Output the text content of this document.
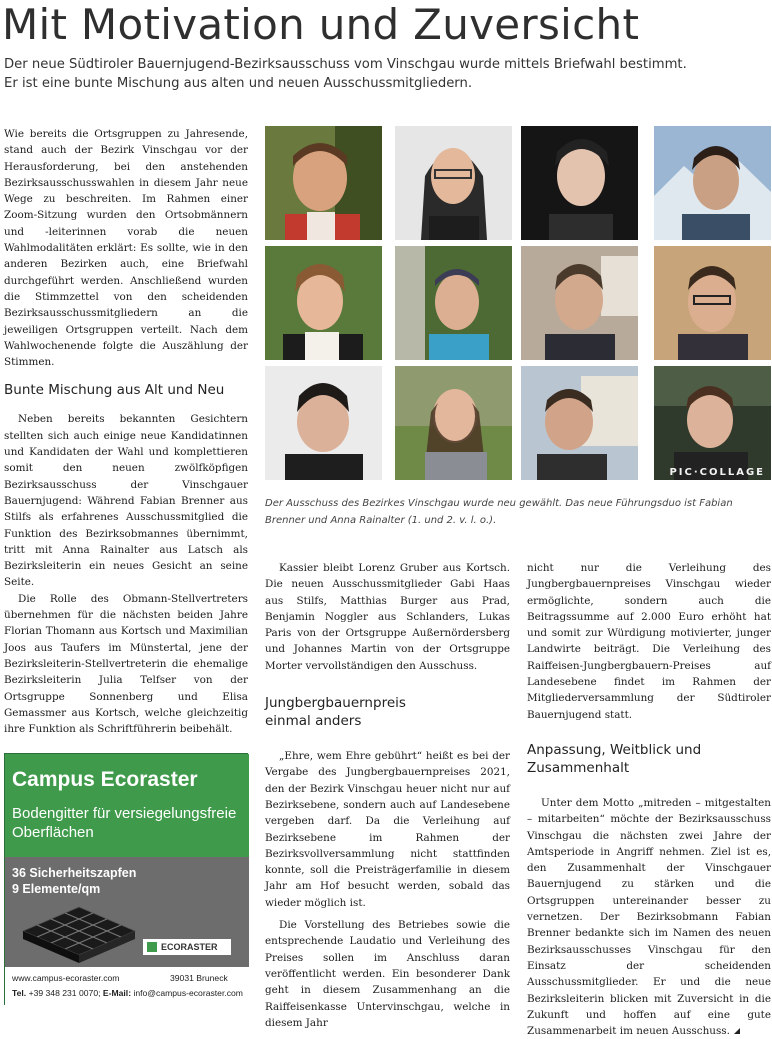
Mit Motivation und Zuversicht
Der neue Südtiroler Bauernjugend-Bezirksausschuss vom Vinschgau wurde mittels Briefwahl bestimmt.
Er ist eine bunte Mischung aus alten und neuen Ausschussmitgliedern.

Wie bereits die Ortsgruppen zu Jahresende, stand auch der Bezirk Vinschgau vor der Herausforderung, bei den anstehenden Bezirksausschusswahlen in diesem Jahr neue Wege zu beschreiten. Im Rahmen einer Zoom-Sitzung wurden den Ortsobmännern und -leiterinnen vorab die neuen Wahlmodalitäten erklärt: Es sollte, wie in den anderen Bezirken auch, eine Briefwahl durchgeführt werden. Anschließend wurden die Stimmzettel von den scheidenden Bezirksausschussmitgliedern an die jeweiligen Ortsgruppen verteilt. Nach dem Wahlwochenende folgte die Auszählung der Stimmen.

Bunte Mischung aus Alt und Neu

Neben bereits bekannten Gesichtern stellten sich auch einige neue Kandidatinnen und Kandidaten der Wahl und komplettieren somit den neuen zwölfköpfigen Bezirksausschuss der Vinschgauer Bauernjugend: Während Fabian Brenner aus Stilfs als erfahrenes Ausschussmitglied die Funktion des Bezirksobmannes übernimmt, tritt mit Anna Rainalter aus Latsch als Bezirksleiterin ein neues Gesicht an seine Seite.

Die Rolle des Obmann-Stellvertreters übernehmen für die nächsten beiden Jahre Florian Thomann aus Kortsch und Maximilian Joos aus Taufers im Münstertal, jene der Bezirksleiterin-Stellvertreterin die ehemalige Bezirksleiterin Julia Telfser von der Ortsgruppe Sonnenberg und Elisa Gemassmer aus Kortsch, welche gleichzeitig ihre Funktion als Schriftführerin beibehält.

PIC·COLLAGE
Der Ausschuss des Bezirkes Vinschgau wurde neu gewählt. Das neue Führungsduo ist Fabian Brenner und Anna Rainalter (1. und 2. v. l. o.).

Kassier bleibt Lorenz Gruber aus Kortsch. Die neuen Ausschussmitglieder Gabi Haas aus Stilfs, Matthias Burger aus Prad, Benjamin Noggler aus Schlanders, Lukas Paris von der Ortsgruppe Außernördersberg und Johannes Martin von der Ortsgruppe Morter vervollständigen den Ausschuss.

Jungbergbauernpreis einmal anders

„Ehre, wem Ehre gebührt“ heißt es bei der Vergabe des Jungbergbauernpreises 2021, den der Bezirk Vinschgau heuer nicht nur auf Bezirksebene, sondern auch auf Landesebene vergeben darf. Da die Verleihung auf Bezirksebene im Rahmen der Bezirksvollversammlung nicht stattfinden konnte, soll die Preisträgerfamilie in diesem Jahr am Hof besucht werden, sobald das wieder möglich ist.

Die Vorstellung des Betriebes sowie die entsprechende Laudatio und Verleihung des Preises sollen im Anschluss daran veröffentlicht werden. Ein besonderer Dank geht in diesem Zusammenhang an die Raiffeisenkasse Untervinschgau, welche in diesem Jahr

nicht nur die Verleihung des Jungbergbauernpreises Vinschgau wieder ermöglichte, sondern auch die Beitragssumme auf 2.000 Euro erhöht hat und somit zur Würdigung motivierter, junger Landwirte beiträgt. Die Verleihung des Raiffeisen-Jungbergbauern-Preises auf Landesebene findet im Rahmen der Mitgliederversammlung der Südtiroler Bauernjugend statt.

Anpassung, Weitblick und Zusammenhalt

Unter dem Motto „mitreden – mitgestalten – mitarbeiten“ möchte der Bezirksausschuss Vinschgau die nächsten zwei Jahre der Amtsperiode in Angriff nehmen. Ziel ist es, den Zusammenhalt der Vinschgauer Bauernjugend zu stärken und die Ortsgruppen untereinander besser zu vernetzen. Der Bezirksobmann Fabian Brenner bedankte sich im Namen des neuen Bezirksausschusses Vinschgau für den Einsatz der scheidenden Ausschussmitglieder. Er und die neue Bezirksleiterin blicken mit Zuversicht in die Zukunft und hoffen auf eine gute Zusammenarbeit im neuen Ausschuss.

Campus Ecoraster
Bodengitter für versiegelungsfreie Oberflächen
36 Sicherheitszapfen
9 Elemente/qm
ECORASTER
www.campus-ecoraster.com	39031 Bruneck
Tel. +39 348 231 0070; E-Mail: info@campus-ecoraster.com
